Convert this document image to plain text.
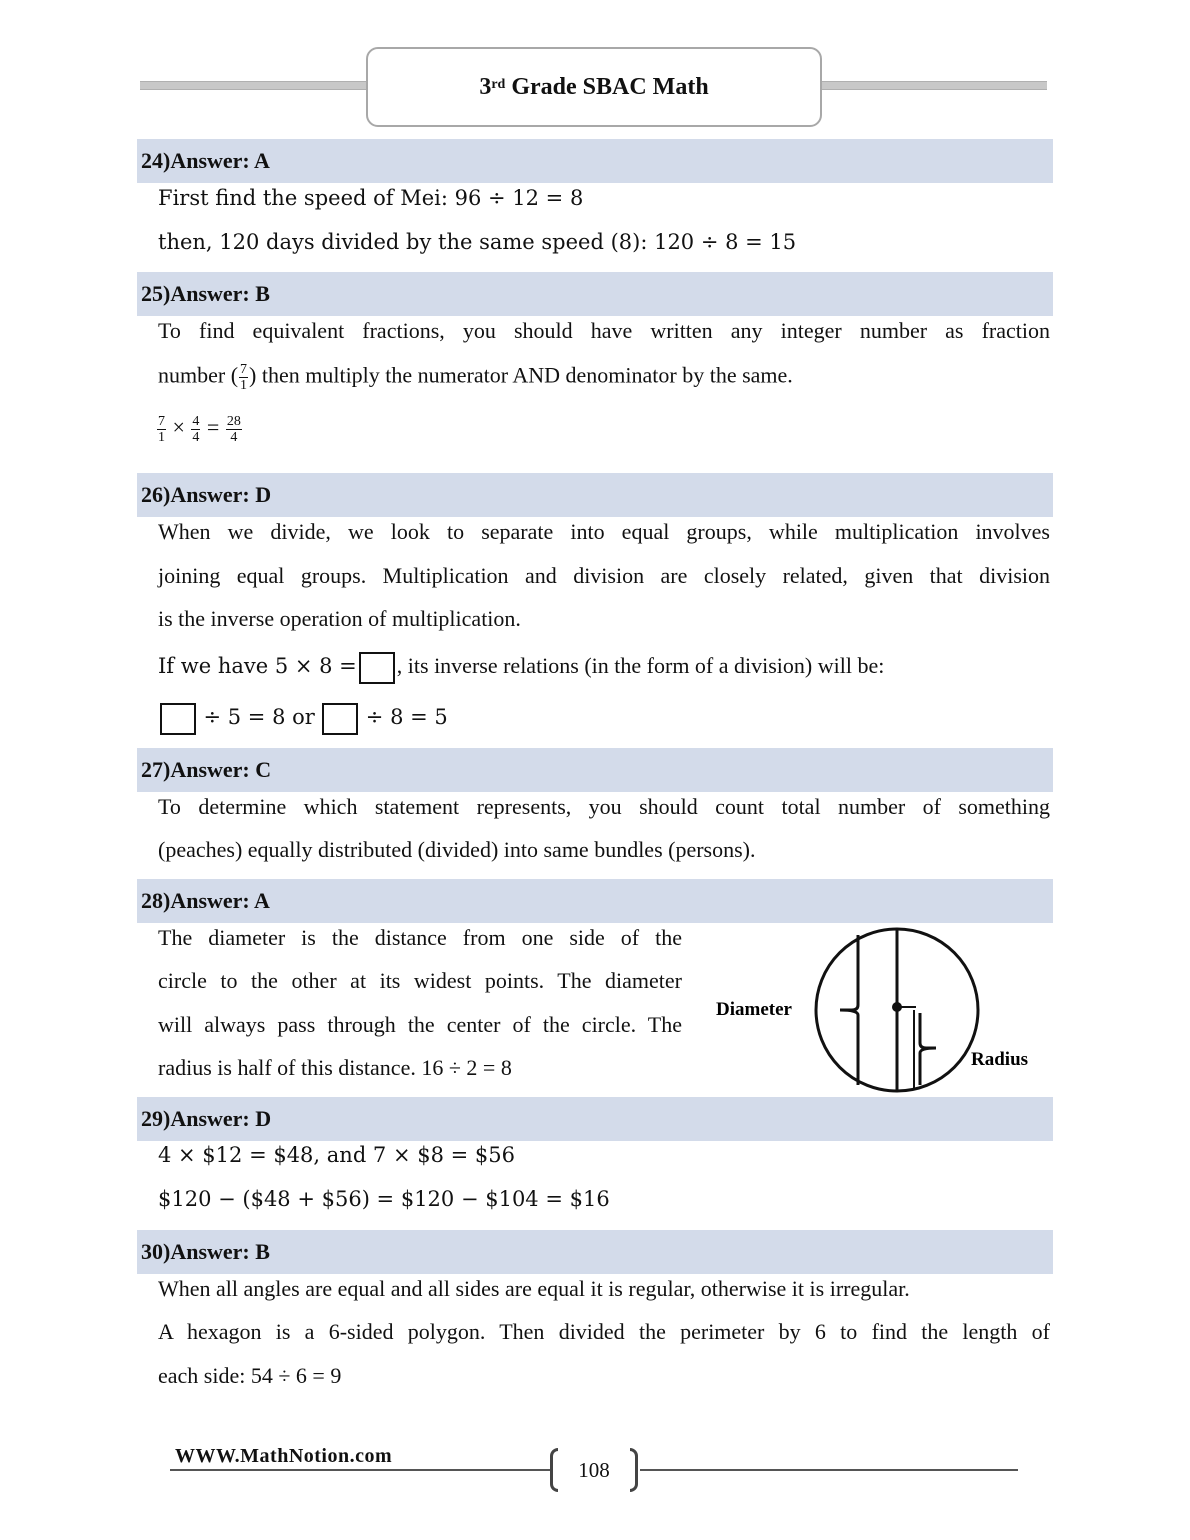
3rd Grade SBAC Math
24)Answer: A
First find the speed of Mei: 96 ÷ 12 = 8
then, 120 days divided by the same speed (8): 120 ÷ 8 = 15
25)Answer: B
To find equivalent fractions, you should have written any integer number as fraction
number ( $\frac{7}{1}$ ) then multiply the numerator AND denominator by the same.
$\frac{7}{1} \times \frac{4}{4} = \frac{28}{4}$
26)Answer: D
When we divide, we look to separate into equal groups, while multiplication involves
joining equal groups. Multiplication and division are closely related, given that division
is the inverse operation of multiplication.
If we have 5 × 8 = , its inverse relations (in the form of a division) will be:
÷ 5 = 8 or ÷ 8 = 5
27)Answer: C
To determine which statement represents, you should count total number of something
(peaches) equally distributed (divided) into same bundles (persons).
28)Answer: A
The diameter is the distance from one side of the
circle to the other at its widest points. The diameter
will always pass through the center of the circle. The
radius is half of this distance. 16 ÷ 2 = 8
Diameter
Radius
29)Answer: D
4 × $12 = $48, and 7 × $8 = $56
$120 − ($48 + $56) = $120 − $104 = $16
30)Answer: B
When all angles are equal and all sides are equal it is regular, otherwise it is irregular.
A hexagon is a 6-sided polygon. Then divided the perimeter by 6 to find the length of
each side: 54 ÷ 6 = 9
WWW.MathNotion.com
108
